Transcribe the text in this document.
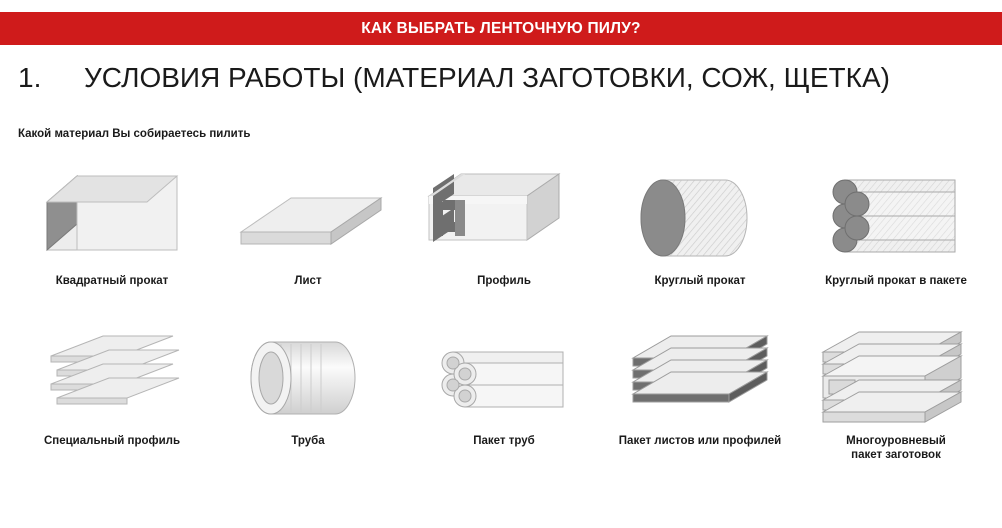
КАК ВЫБРАТЬ ЛЕНТОЧНУЮ ПИЛУ?
1.	УСЛОВИЯ РАБОТЫ (МАТЕРИАЛ ЗАГОТОВКИ, СОЖ, ЩЕТКА)
Какой материал Вы собираетесь пилить
Квадратный прокат	Лист	Профиль	Круглый прокат	Круглый прокат в пакете
Специальный профиль	Труба	Пакет труб	Пакет листов или профилей	Многоуровневый
пакет заготовок
